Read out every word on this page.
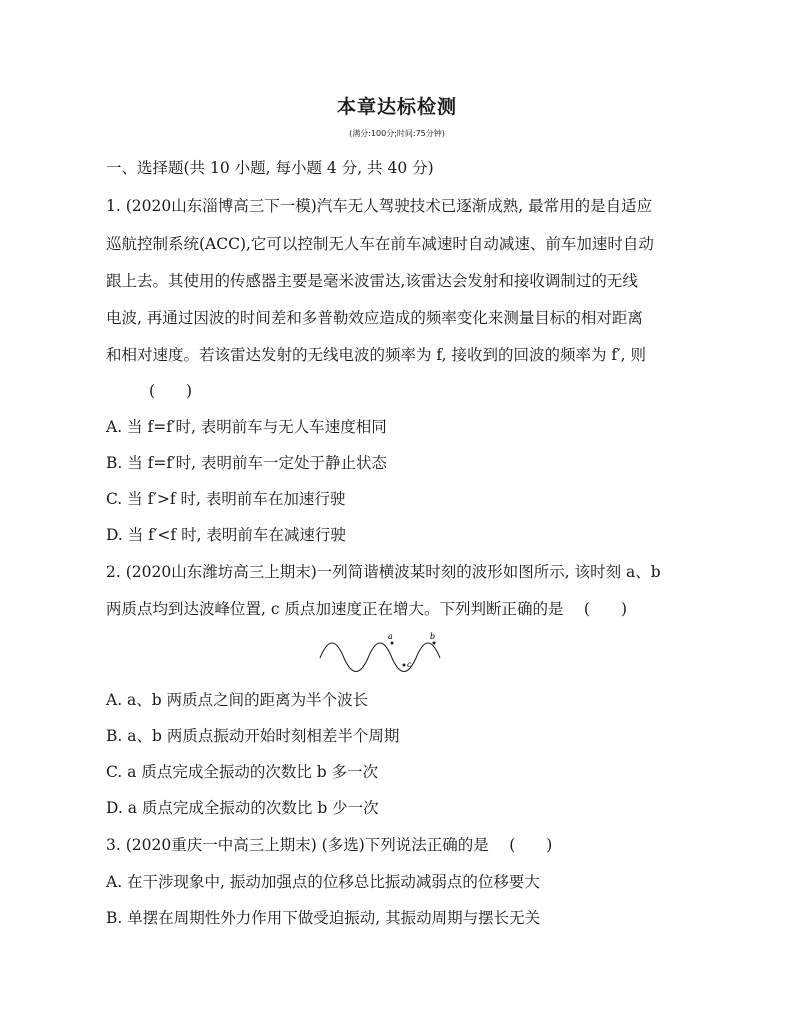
本章达标检测
(满分:100分;时间:75分钟)
一、选择题(共 10 小题, 每小题 4 分, 共 40 分)
1. (2020山东淄博高三下一模)汽车无人驾驶技术已逐渐成熟, 最常用的是自适应
巡航控制系统(ACC),它可以控制无人车在前车减速时自动减速、前车加速时自动
跟上去。其使用的传感器主要是毫米波雷达,该雷达会发射和接收调制过的无线
电波, 再通过因波的时间差和多普勒效应造成的频率变化来测量目标的相对距离
和相对速度。若该雷达发射的无线电波的频率为 f, 接收到的回波的频率为 f′, 则
(　　)
A. 当 f=f′时, 表明前车与无人车速度相同
B. 当 f=f′时, 表明前车一定处于静止状态
C. 当 f′>f 时, 表明前车在加速行驶
D. 当 f′<f 时, 表明前车在减速行驶
2. (2020山东潍坊高三上期末)一列简谐横波某时刻的波形如图所示, 该时刻 a、b
两质点均到达波峰位置, c 质点加速度正在增大。下列判断正确的是　 (　　)
a	b
c
A. a、b 两质点之间的距离为半个波长
B. a、b 两质点振动开始时刻相差半个周期
C. a 质点完成全振动的次数比 b 多一次
D. a 质点完成全振动的次数比 b 少一次
3. (2020重庆一中高三上期末) (多选)下列说法正确的是　 (　　)
A. 在干涉现象中, 振动加强点的位移总比振动减弱点的位移要大
B. 单摆在周期性外力作用下做受迫振动, 其振动周期与摆长无关
